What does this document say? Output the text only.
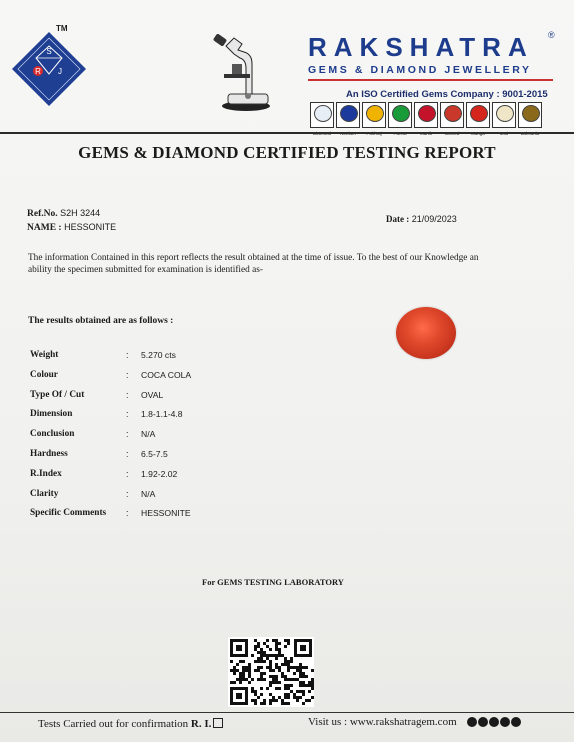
S
R J
TM
RAKSHATRA	®
GEMS & DIAMOND JEWELLERY
An ISO Certified Gems Company : 9001-2015
GEMS & DIAMOND CERTIFIED TESTING REPORT
Ref.No. S2H 3244
NAME : HESSONITE
Date : 21/09/2023
The information Contained in this report reflects the result obtained at the time of issue. To the best of our Knowledge an ability the specimen submitted for examination is identified as-
The results obtained are as follows :
Weight	: 5.270 cts
Colour	: COCA COLA
Type Of / Cut	: OVAL
Dimension	: 1.8-1.1-4.8
Conclusion	: N/A
Hardness	: 6.5-7.5
R.Index	: 1.92-2.02
Clarity	: N/A
Specific Comments : HESSONITE
For GEMS TESTING LABORATORY
Tests Carried out for confirmation R. I.	Visit us : www.rakshatragem.com
